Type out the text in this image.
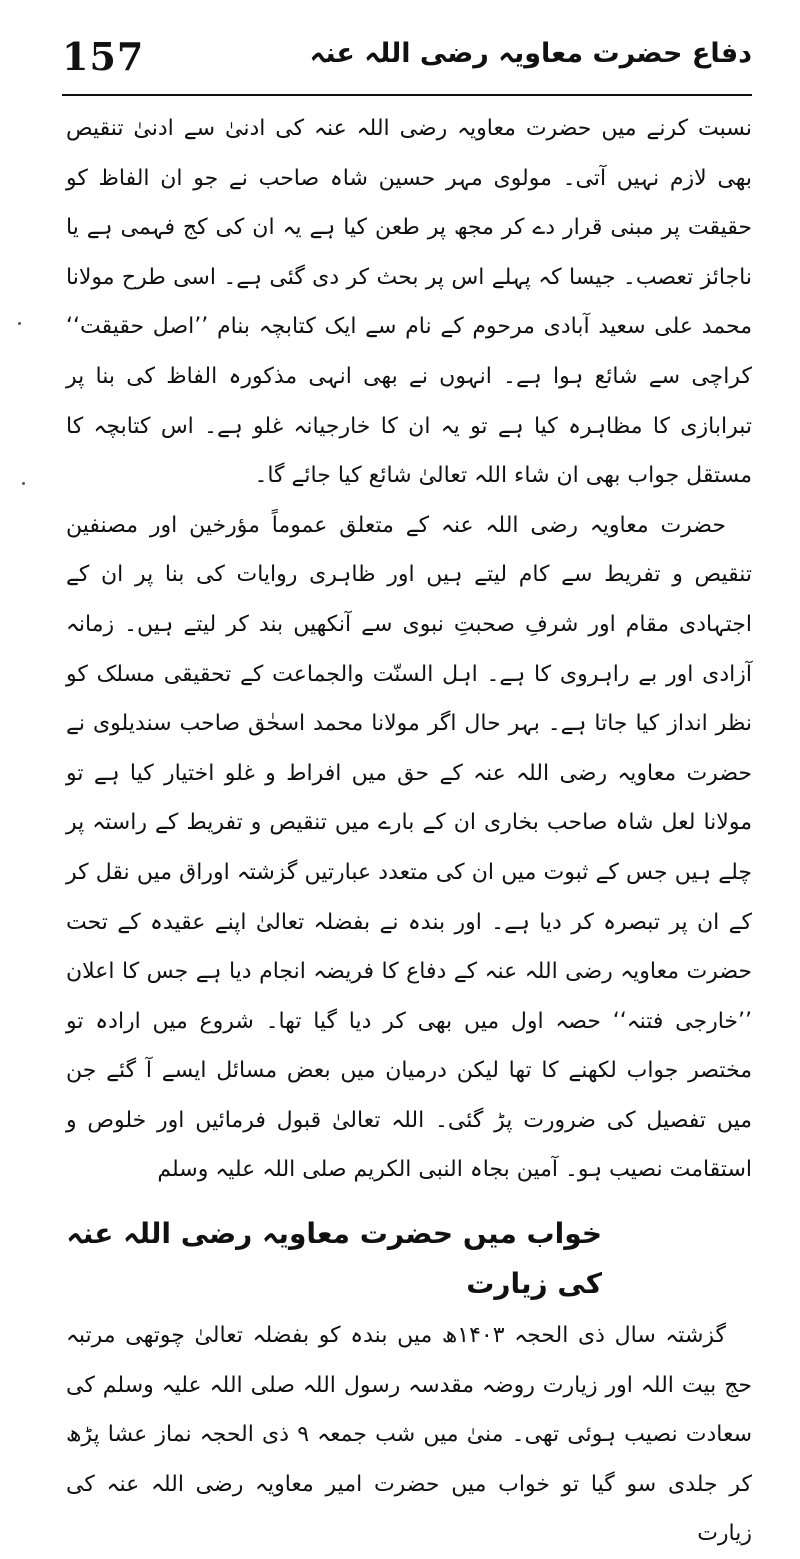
157	دفاع حضرت معاویہ رضی اللہ عنہ

نسبت کرنے میں حضرت معاویہ رضی اللہ عنہ کی ادنیٰ سے ادنیٰ تنقیص بھی لازم نہیں آتی۔ مولوی مہر حسین شاہ صاحب نے جو ان الفاظ کو حقیقت پر مبنی قرار دے کر مجھ پر طعن کیا ہے یہ ان کی کج فہمی ہے یا ناجائز تعصب۔ جیسا کہ پہلے اس پر بحث کر دی گئی ہے۔ اسی طرح مولانا محمد علی سعید آبادی مرحوم کے نام سے ایک کتابچہ بنام ’’اصل حقیقت‘‘ کراچی سے شائع ہوا ہے۔ انہوں نے بھی انہی مذکورہ الفاظ کی بنا پر تبرابازی کا مظاہرہ کیا ہے تو یہ ان کا خارجیانہ غلو ہے۔ اس کتابچہ کا مستقل جواب بھی ان شاء اللہ تعالیٰ شائع کیا جائے گا۔

حضرت معاویہ رضی اللہ عنہ کے متعلق عموماً مؤرخین اور مصنفین تنقیص و تفریط سے کام لیتے ہیں اور ظاہری روایات کی بنا پر ان کے اجتہادی مقام اور شرفِ صحبتِ نبوی سے آنکھیں بند کر لیتے ہیں۔ زمانہ آزادی اور بے راہروی کا ہے۔ اہل السنّت والجماعت کے تحقیقی مسلک کو نظر انداز کیا جاتا ہے۔ بہر حال اگر مولانا محمد اسحٰق صاحب سندیلوی نے حضرت معاویہ رضی اللہ عنہ کے حق میں افراط و غلو اختیار کیا ہے تو مولانا لعل شاہ صاحب بخاری ان کے بارے میں تنقیص و تفریط کے راستہ پر چلے ہیں جس کے ثبوت میں ان کی متعدد عبارتیں گزشتہ اوراق میں نقل کر کے ان پر تبصرہ کر دیا ہے۔ اور بندہ نے بفضلہ تعالیٰ اپنے عقیدہ کے تحت حضرت معاویہ رضی اللہ عنہ کے دفاع کا فریضہ انجام دیا ہے جس کا اعلان ’’خارجی فتنہ‘‘ حصہ اول میں بھی کر دیا گیا تھا۔ شروع میں ارادہ تو مختصر جواب لکھنے کا تھا لیکن درمیان میں بعض مسائل ایسے آ گئے جن میں تفصیل کی ضرورت پڑ گئی۔ اللہ تعالیٰ قبول فرمائیں اور خلوص و استقامت نصیب ہو۔ آمین بجاہ النبی الکریم صلی اللہ علیہ وسلم

خواب میں حضرت معاویہ رضی اللہ عنہ کی زیارت

گزشتہ سال ذی الحجہ ۱۴۰۳ھ میں بندہ کو بفضلہ تعالیٰ چوتھی مرتبہ حج بیت اللہ اور زیارت روضہ مقدسہ رسول اللہ صلی اللہ علیہ وسلم کی سعادت نصیب ہوئی تھی۔ منیٰ میں شب جمعہ ۹ ذی الحجہ نماز عشا پڑھ کر جلدی سو گیا تو خواب میں حضرت امیر معاویہ رضی اللہ عنہ کی زیارت
